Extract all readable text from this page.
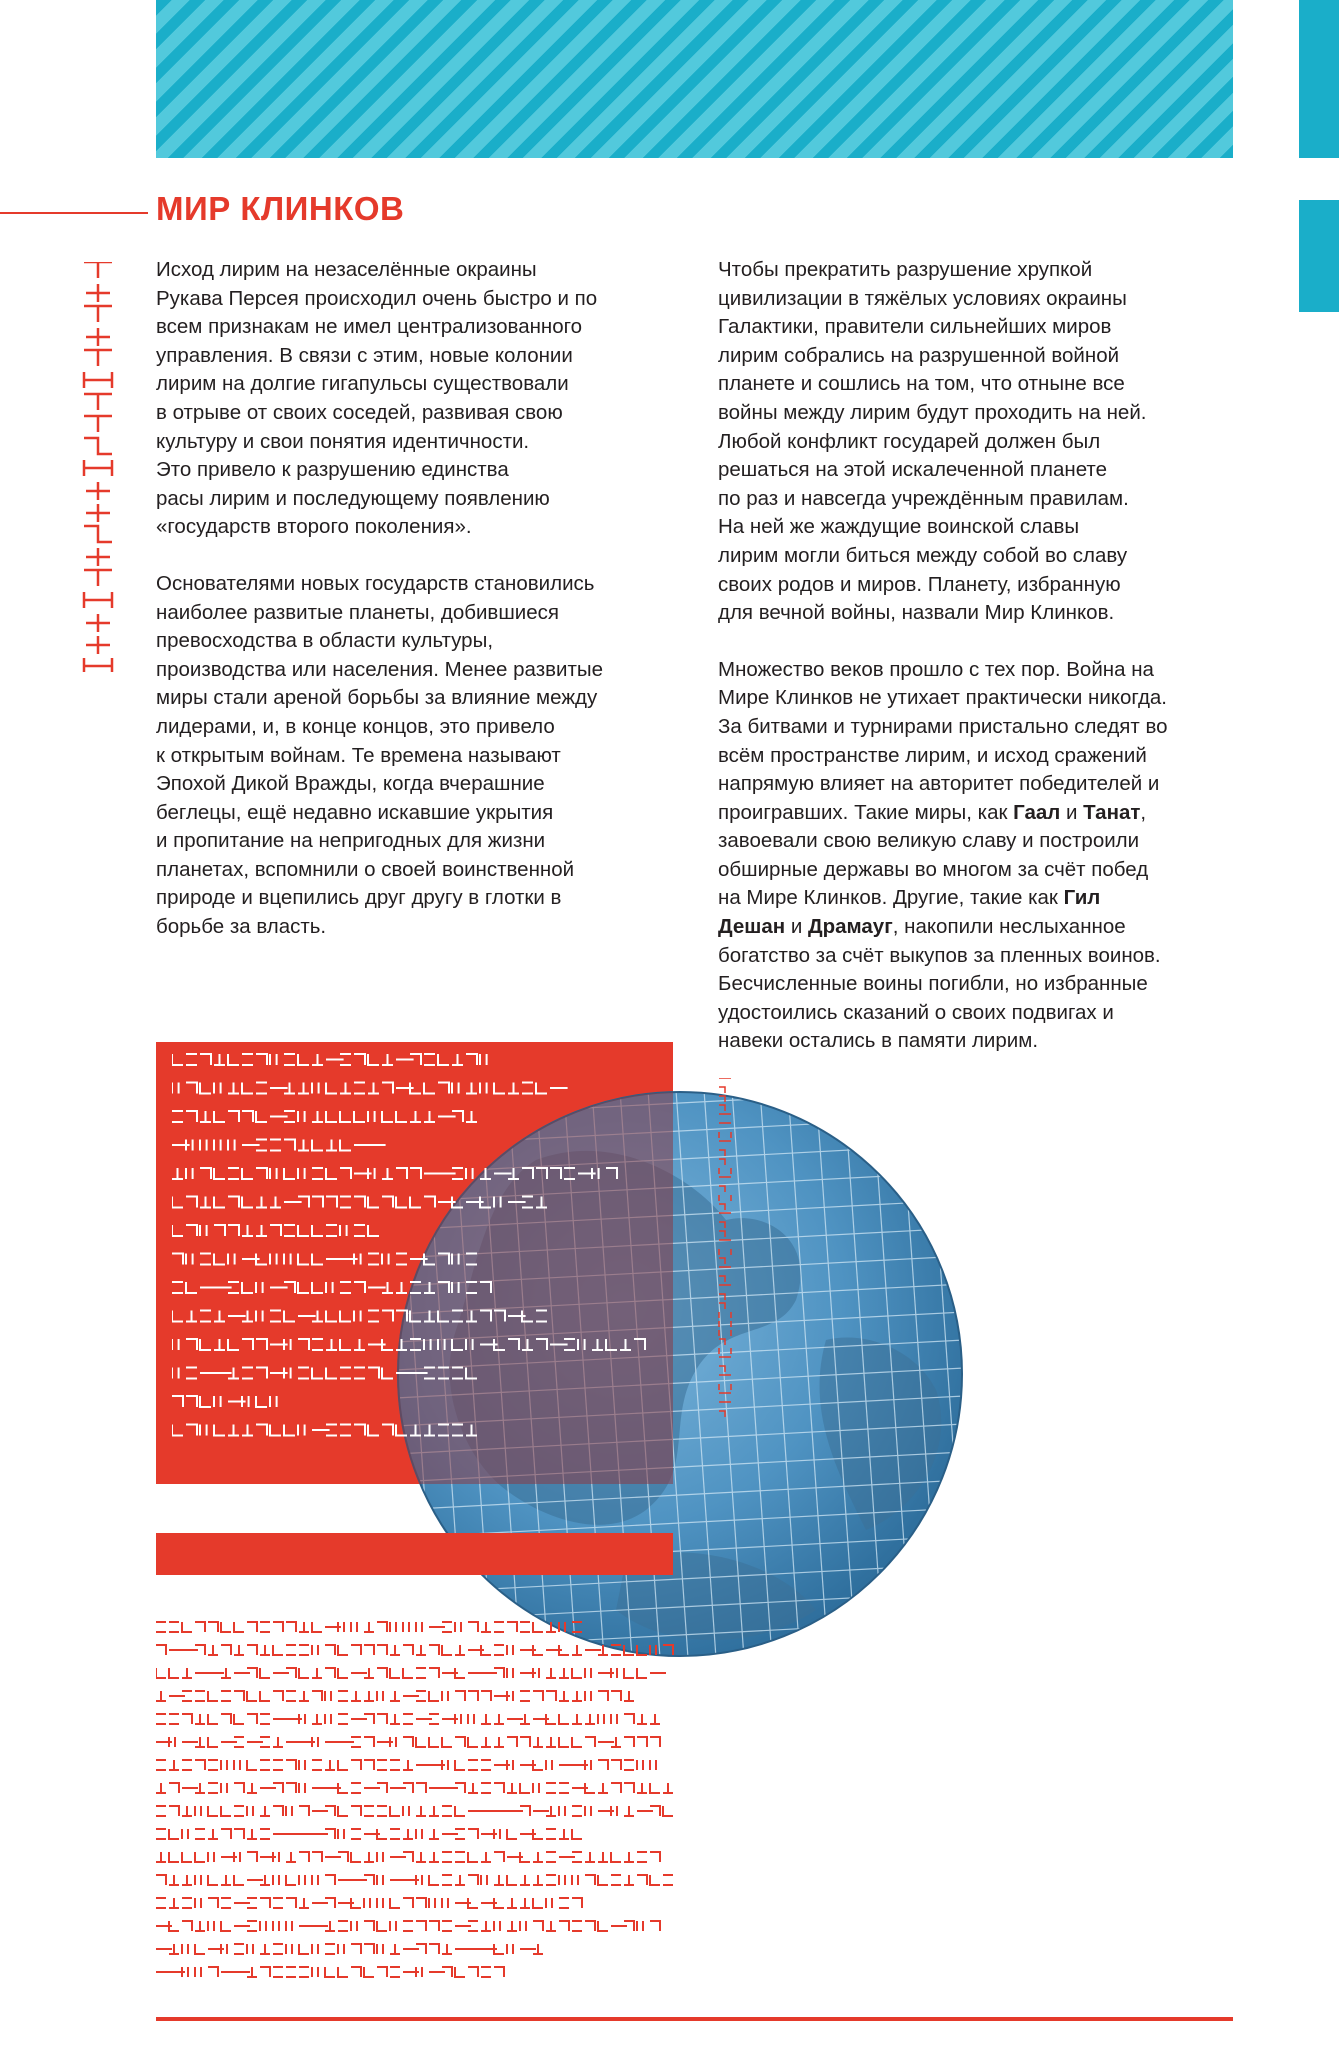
МИР КЛИНКОВ

Исход лирим на незаселённые окраины
Рукава Персея происходил очень быстро и по
всем признакам не имел централизованного
управления. В связи с этим, новые колонии
лирим на долгие гигапульсы существовали
в отрыве от своих соседей, развивая свою
культуру и свои понятия идентичности.
Это привело к разрушению единства
расы лирим и последующему появлению
«государств второго поколения».

Основателями новых государств становились
наиболее развитые планеты, добившиеся
превосходства в области культуры,
производства или населения. Менее развитые
миры стали ареной борьбы за влияние между
лидерами, и, в конце концов, это привело
к открытым войнам. Те времена называют
Эпохой Дикой Вражды, когда вчерашние
беглецы, ещё недавно искавшие укрытия
и пропитание на непригодных для жизни
планетах, вспомнили о своей воинственной
природе и вцепились друг другу в глотки в
борьбе за власть.

Чтобы прекратить разрушение хрупкой
цивилизации в тяжёлых условиях окраины
Галактики, правители сильнейших миров
лирим собрались на разрушенной войной
планете и сошлись на том, что отныне все
войны между лирим будут проходить на ней.
Любой конфликт государей должен был
решаться на этой искалеченной планете
по раз и навсегда учреждённым правилам.
На ней же жаждущие воинской славы
лирим могли биться между собой во славу
своих родов и миров. Планету, избранную
для вечной войны, назвали Мир Клинков.

Множество веков прошло с тех пор. Война на
Мире Клинков не утихает практически никогда.
За битвами и турнирами пристально следят во
всём пространстве лирим, и исход сражений
напрямую влияет на авторитет победителей и
проигравших. Такие миры, как Гаал и Танат,
завоевали свою великую славу и построили
обширные державы во многом за счёт побед
на Мире Клинков. Другие, такие как Гил
Дешан и Драмауг, накопили неслыханное
богатство за счёт выкупов за пленных воинов.
Бесчисленные воины погибли, но избранные
удостоились сказаний о своих подвигах и
навеки остались в памяти лирим.
